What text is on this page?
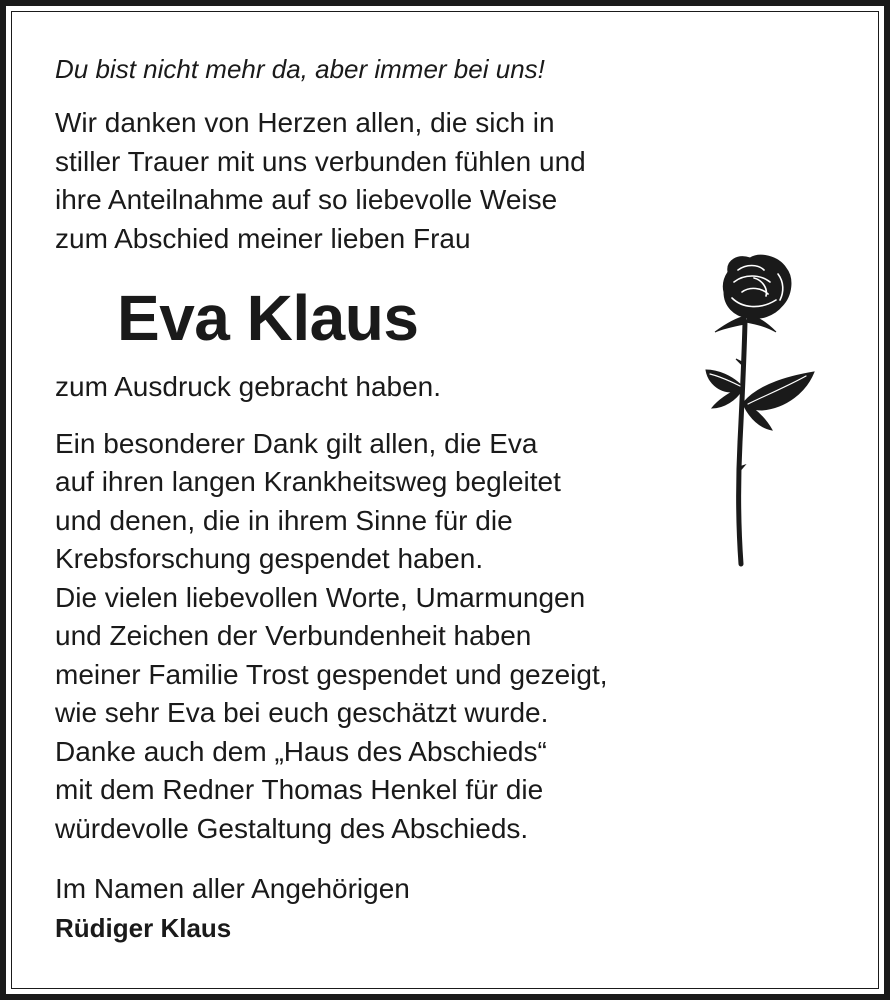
Du bist nicht mehr da, aber immer bei uns!

Wir danken von Herzen allen, die sich in
stiller Trauer mit uns verbunden fühlen und
ihre Anteilnahme auf so liebevolle Weise
zum Abschied meiner lieben Frau

Eva Klaus

zum Ausdruck gebracht haben.

Ein besonderer Dank gilt allen, die Eva
auf ihren langen Krankheitsweg begleitet
und denen, die in ihrem Sinne für die
Krebsforschung gespendet haben.
Die vielen liebevollen Worte, Umarmungen
und Zeichen der Verbundenheit haben
meiner Familie Trost gespendet und gezeigt,
wie sehr Eva bei euch geschätzt wurde.
Danke auch dem „Haus des Abschieds“
mit dem Redner Thomas Henkel für die
würdevolle Gestaltung des Abschieds.

Im Namen aller Angehörigen
Rüdiger Klaus
